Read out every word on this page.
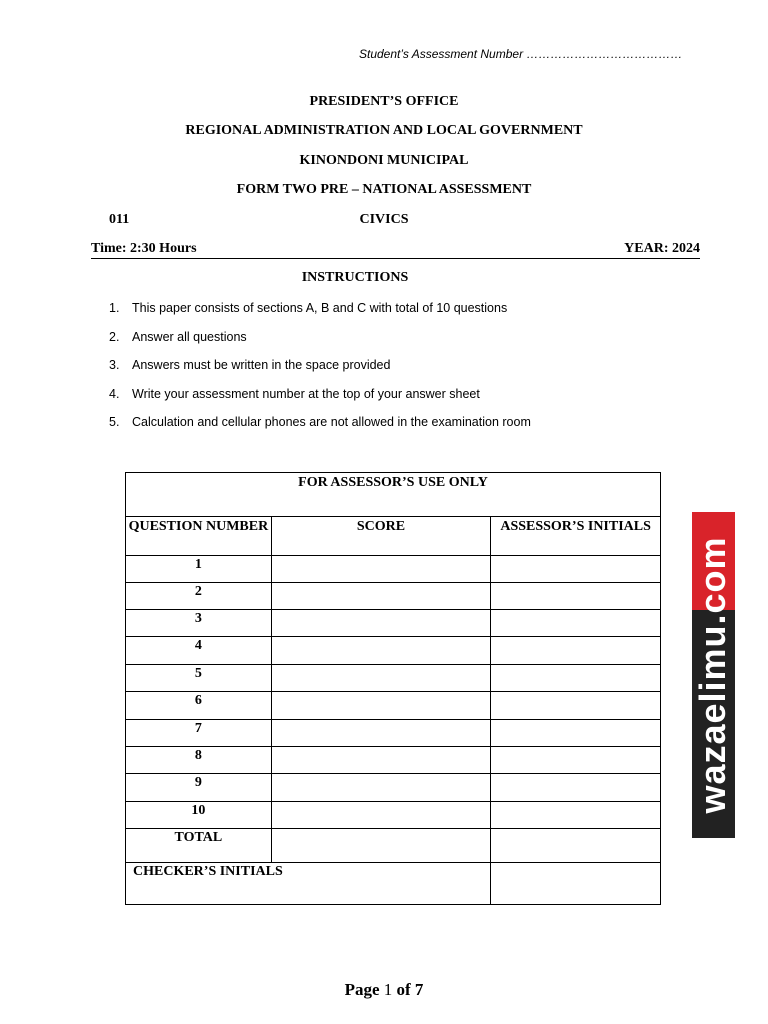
Student’s Assessment Number …………………………………
PRESIDENT’S OFFICE
REGIONAL ADMINISTRATION AND LOCAL GOVERNMENT
KINONDONI MUNICIPAL
FORM TWO PRE – NATIONAL ASSESSMENT
011	CIVICS
Time: 2:30 Hours	YEAR: 2024
INSTRUCTIONS
1. This paper consists of sections A, B and C with total of 10 questions
2. Answer all questions
3. Answers must be written in the space provided
4. Write your assessment number at the top of your answer sheet
5. Calculation and cellular phones are not allowed in the examination room
FOR ASSESSOR’S USE ONLY		
QUESTION NUMBER	SCORE	ASSESSOR’S INITIALS
1		
2		
3		
4		
5		
6		
7		
8		
9		
10		
TOTAL		
CHECKER’S INITIALS		
Page 1 of 7
wazaelimu.com
